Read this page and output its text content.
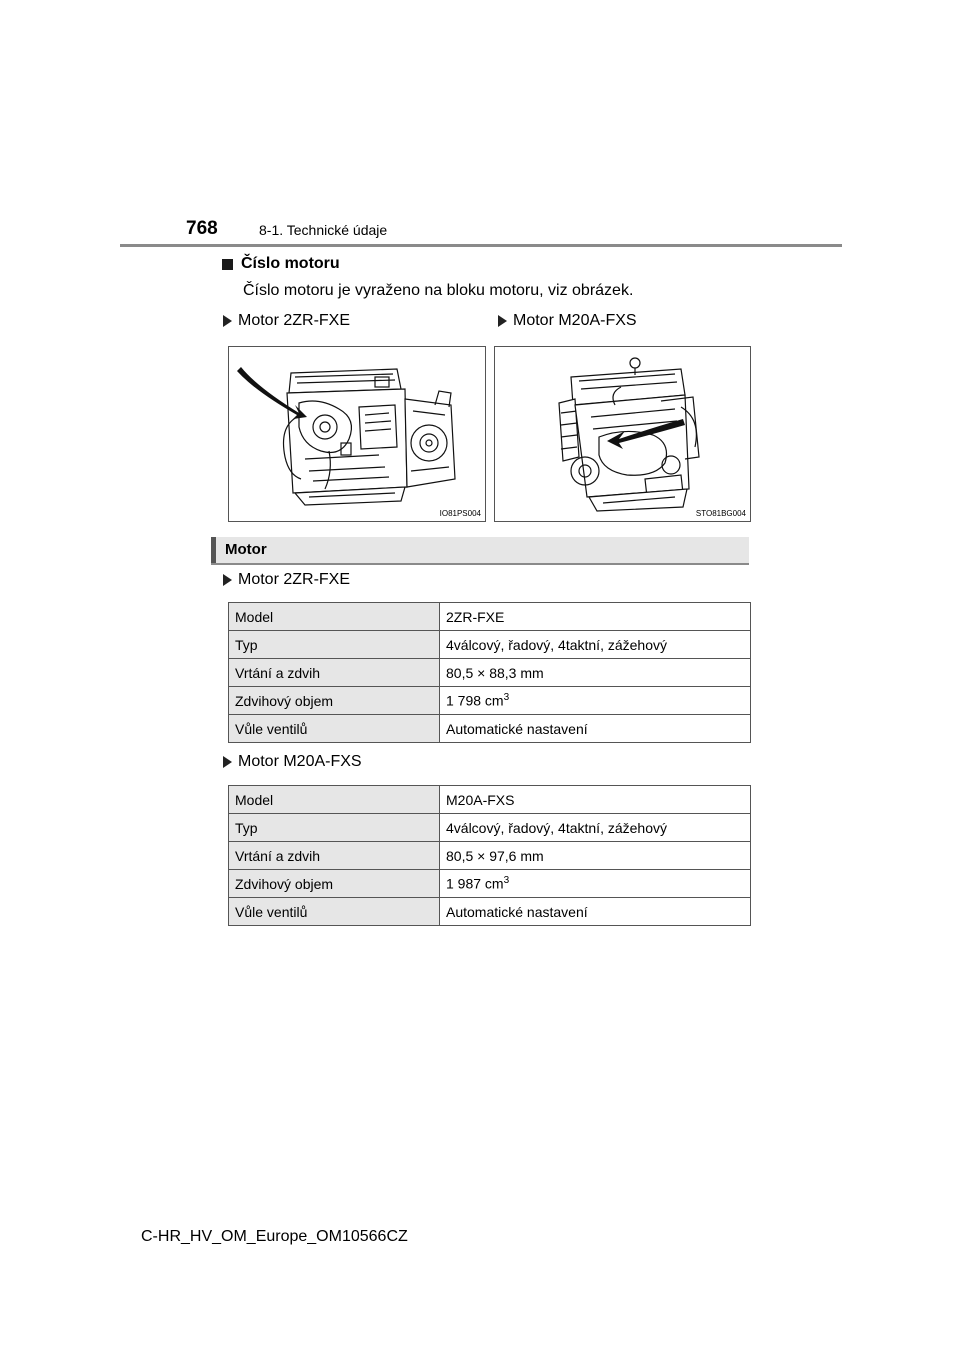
768	8-1. Technické údaje
Číslo motoru
Číslo motoru je vyraženo na bloku motoru, viz obrázek.
Motor 2ZR-FXE	Motor M20A-FXS
IO81PS004	STO81BG004
Motor
Motor 2ZR-FXE
Model	2ZR-FXE
Typ	4válcový, řadový, 4taktní, zážehový
Vrtání a zdvih	80,5 × 88,3 mm
Zdvihový objem	1 798 $cm^3$
Vůle ventilů	Automatické nastavení
Motor M20A-FXS
Model	M20A-FXS
Typ	4válcový, řadový, 4taktní, zážehový
Vrtání a zdvih	80,5 × 97,6 mm
Zdvihový objem	1 987 $cm^3$
Vůle ventilů	Automatické nastavení
C-HR_HV_OM_Europe_OM10566CZ
